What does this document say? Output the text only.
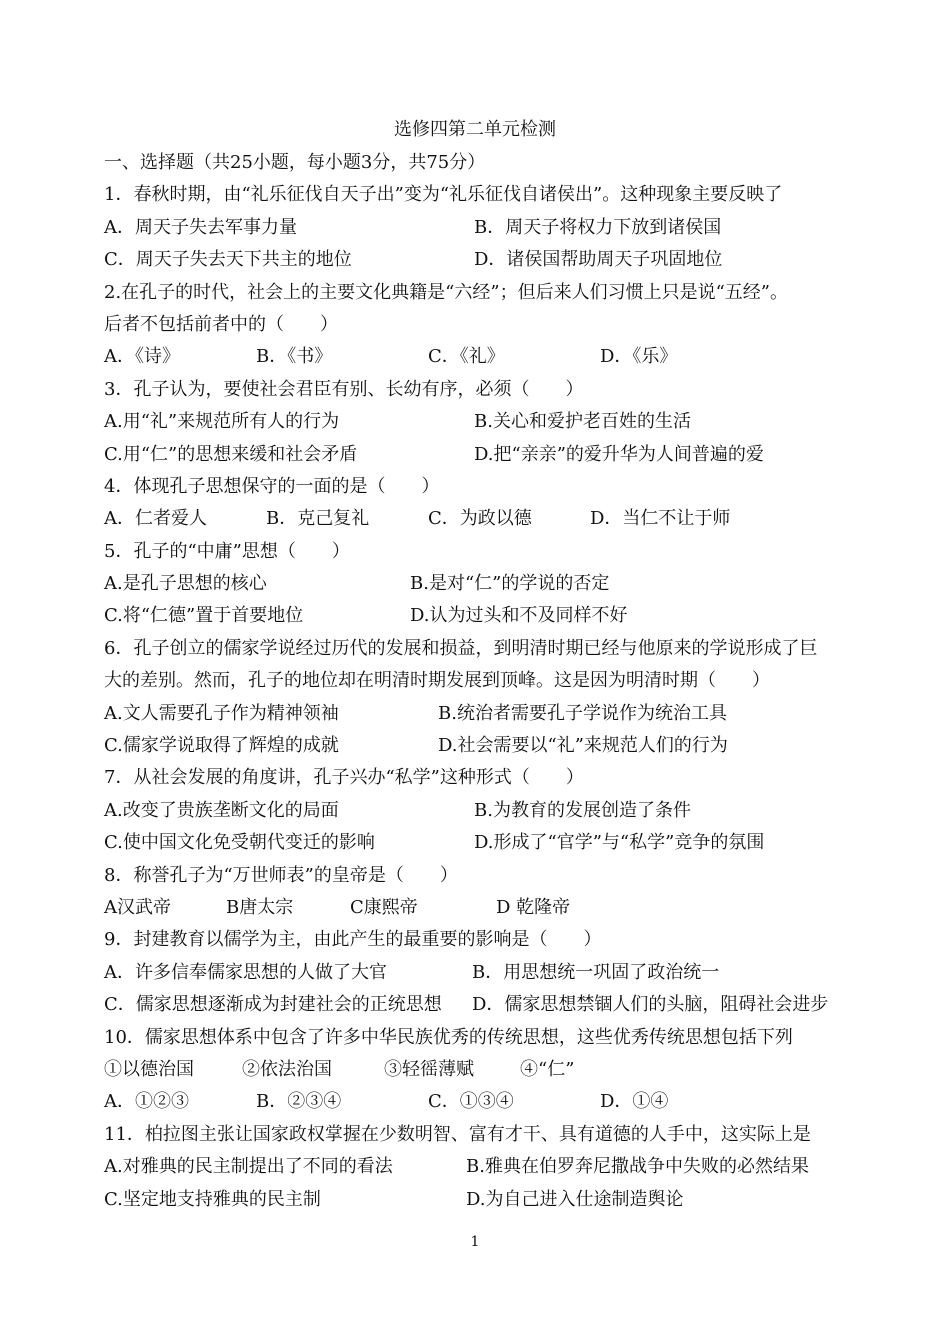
选修四第二单元检测
一、选择题（共25小题，每小题3分，共75分）
1．春秋时期，由“礼乐征伐自天子出”变为“礼乐征伐自诸侯出”。这种现象主要反映了
A．周天子失去军事力量	B．周天子将权力下放到诸侯国
C．周天子失去天下共主的地位	D．诸侯国帮助周天子巩固地位
2.在孔子的时代，社会上的主要文化典籍是“六经”；但后来人们习惯上只是说“五经”。
后者不包括前者中的（　　）
A．《诗》	B．《书》	C．《礼》	D．《乐》
3．孔子认为，要使社会君臣有别、长幼有序，必须（　　）
A.用“礼”来规范所有人的行为	B.关心和爱护老百姓的生活
C.用“仁”的思想来缓和社会矛盾	D.把“亲亲”的爱升华为人间普遍的爱
4．体现孔子思想保守的一面的是（　　）
A．仁者爱人	B．克己复礼	C．为政以德	D．当仁不让于师
5．孔子的“中庸”思想（　　）
A.是孔子思想的核心	B.是对“仁”的学说的否定
C.将“仁德”置于首要地位	D.认为过头和不及同样不好
6．孔子创立的儒家学说经过历代的发展和损益，到明清时期已经与他原来的学说形成了巨
大的差别。然而，孔子的地位却在明清时期发展到顶峰。这是因为明清时期（　　）
A.文人需要孔子作为精神领袖	B.统治者需要孔子学说作为统治工具
C.儒家学说取得了辉煌的成就	D.社会需要以“礼”来规范人们的行为
7．从社会发展的角度讲，孔子兴办“私学”这种形式（　　）
A.改变了贵族垄断文化的局面	B.为教育的发展创造了条件
C.使中国文化免受朝代变迁的影响	D.形成了“官学”与“私学”竞争的氛围
8．称誉孔子为“万世师表”的皇帝是（　　）
A汉武帝	B唐太宗	C康熙帝	D 乾隆帝
9．封建教育以儒学为主，由此产生的最重要的影响是（　　）
A．许多信奉儒家思想的人做了大官	B．用思想统一巩固了政治统一
C．儒家思想逐渐成为封建社会的正统思想 D．儒家思想禁锢人们的头脑，阻碍社会进步
10．儒家思想体系中包含了许多中华民族优秀的传统思想，这些优秀传统思想包括下列
①以德治国	②依法治国	③轻徭薄赋	④“仁”
A．①②③	B．②③④	C．①③④	D．①④
11．柏拉图主张让国家政权掌握在少数明智、富有才干、具有道德的人手中，这实际上是
A.对雅典的民主制提出了不同的看法	B.雅典在伯罗奔尼撒战争中失败的必然结果
C.坚定地支持雅典的民主制	D.为自己进入仕途制造舆论
1
